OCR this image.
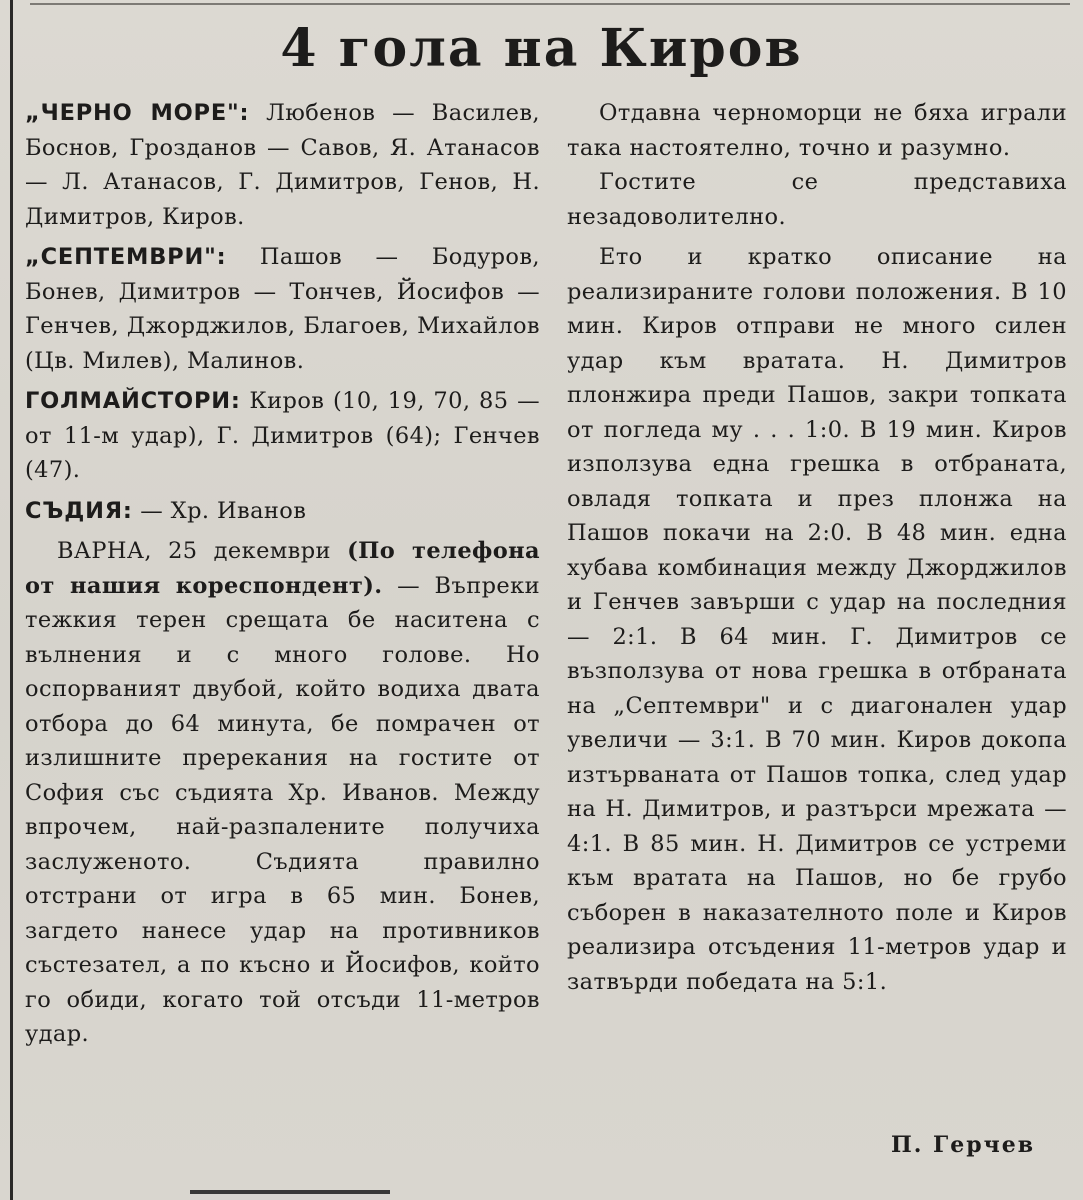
4 гола на Киров

„ЧЕРНО МОРЕ": Любенов — Василев, Боснов, Грозданов — Савов, Я. Атанасов — Л. Атанасов, Г. Димитров, Генов, Н. Димитров, Киров.

„СЕПТЕМВРИ": Пашов — Бодуров, Бонев, Димитров — Тончев, Йосифов — Генчев, Джорджилов, Благоев, Михайлов (Цв. Милев), Малинов.

ГОЛМАЙСТОРИ: Киров (10, 19, 70, 85 — от 11-м удар), Г. Димитров (64); Генчев (47).

СЪДИЯ: — Хр. Иванов

ВАРНА, 25 декември (По телефона от нашия кореспондент). — Въпреки тежкия терен срещата бе наситена с вълнения и с много голове. Но оспорваният двубой, който водиха двата отбора до 64 минута, бе помрачен от излишните пререкания на гостите от София със съдията Хр. Иванов. Между впрочем, най-разпалените получиха заслуженото. Съдията правилно отстрани от игра в 65 мин. Бонев, загдето нанесе удар на противников състезател, а по късно и Йосифов, който го обиди, когато той отсъди 11-метров удар.

Отдавна черноморци не бяха играли така настоятелно, точно и разумно.

Гостите се представиха незадоволително.

Ето и кратко описание на реализираните голови положения. В 10 мин. Киров отправи не много силен удар към вратата. Н. Димитров плонжира преди Пашов, закри топката от погледа му . . . 1:0. В 19 мин. Киров използува една грешка в отбраната, овладя топката и през плонжа на Пашов покачи на 2:0. В 48 мин. една хубава комбинация между Джорджилов и Генчев завърши с удар на последния — 2:1. В 64 мин. Г. Димитров се възползува от нова грешка в отбраната на „Септември" и с диагонален удар увеличи — 3:1. В 70 мин. Киров докопа изтърваната от Пашов топка, след удар на Н. Димитров, и разтърси мрежата — 4:1. В 85 мин. Н. Димитров се устреми към вратата на Пашов, но бе грубо съборен в наказателното поле и Киров реализира отсъдения 11-метров удар и затвърди победата на 5:1.

П. Герчев
